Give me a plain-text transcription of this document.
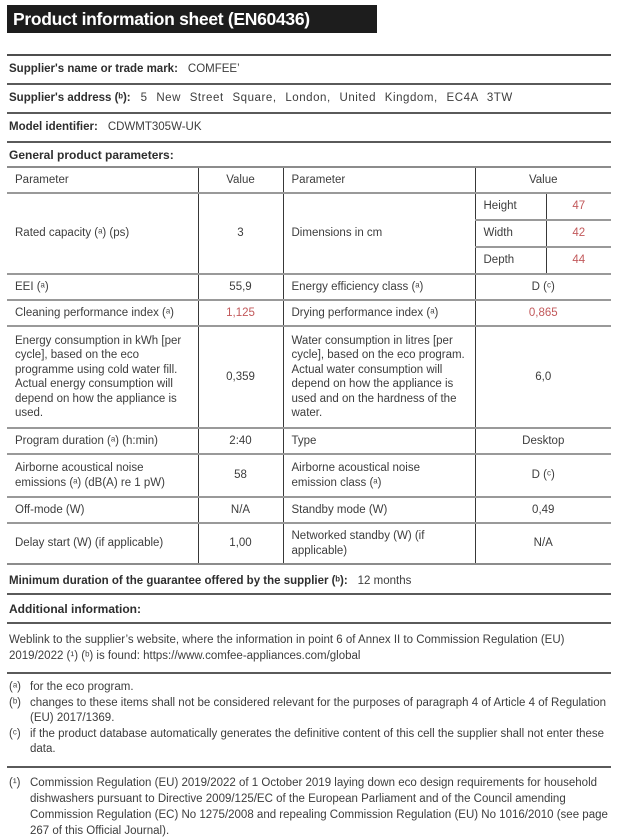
Product information sheet (EN60436)
Supplier's name or trade mark: COMFEE’
Supplier's address (ᵇ): 5 New Street Square, London, United Kingdom, EC4A 3TW
Model identifier: CDWMT305W-UK
General product parameters:
Parameter	Value	Parameter	Value	
Rated capacity (ᵃ) (ps)	3	Dimensions in cm	Height	47
			Width	42
			Depth	44
EEI (ᵃ)	55,9	Energy efficiency class (ᵃ)	D (ᶜ)	
Cleaning performance index (ᵃ)	1,125	Drying performance index (ᵃ)	0,865	
Energy consumption in kWh [per cycle], based on the eco programme using cold water fill. Actual energy consumption will depend on how the appliance is used.	0,359	Water consumption in litres [per cycle], based on the eco program. Actual water consumption will depend on how the appliance is used and on the hardness of the water.	6,0	
Program duration (ᵃ) (h:min)	2:40	Type	Desktop	
Airborne acoustical noise emissions (ᵃ) (dB(A) re 1 pW)	58	Airborne acoustical noise emission class (ᵃ)	D (ᶜ)	
Off-mode (W)	N/A	Standby mode (W)	0,49	
Delay start (W) (if applicable)	1,00	Networked standby (W) (if applicable)	N/A	
Minimum duration of the guarantee offered by the supplier (ᵇ): 12 months
Additional information:
Weblink to the supplier’s website, where the information in point 6 of Annex II to Commission Regulation (EU) 2019/2022 (¹) (ᵇ) is found: https://www.comfee-appliances.com/global
(ᵃ) for the eco program.
(ᵇ) changes to these items shall not be considered relevant for the purposes of paragraph 4 of Article 4 of Regulation (EU) 2017/1369.
(ᶜ) if the product database automatically generates the definitive content of this cell the supplier shall not enter these data.
(¹) Commission Regulation (EU) 2019/2022 of 1 October 2019 laying down eco design requirements for household dishwashers pursuant to Directive 2009/125/EC of the European Parliament and of the Council amending Commission Regulation (EC) No 1275/2008 and repealing Commission Regulation (EU) No 1016/2010 (see page 267 of this Official Journal).
